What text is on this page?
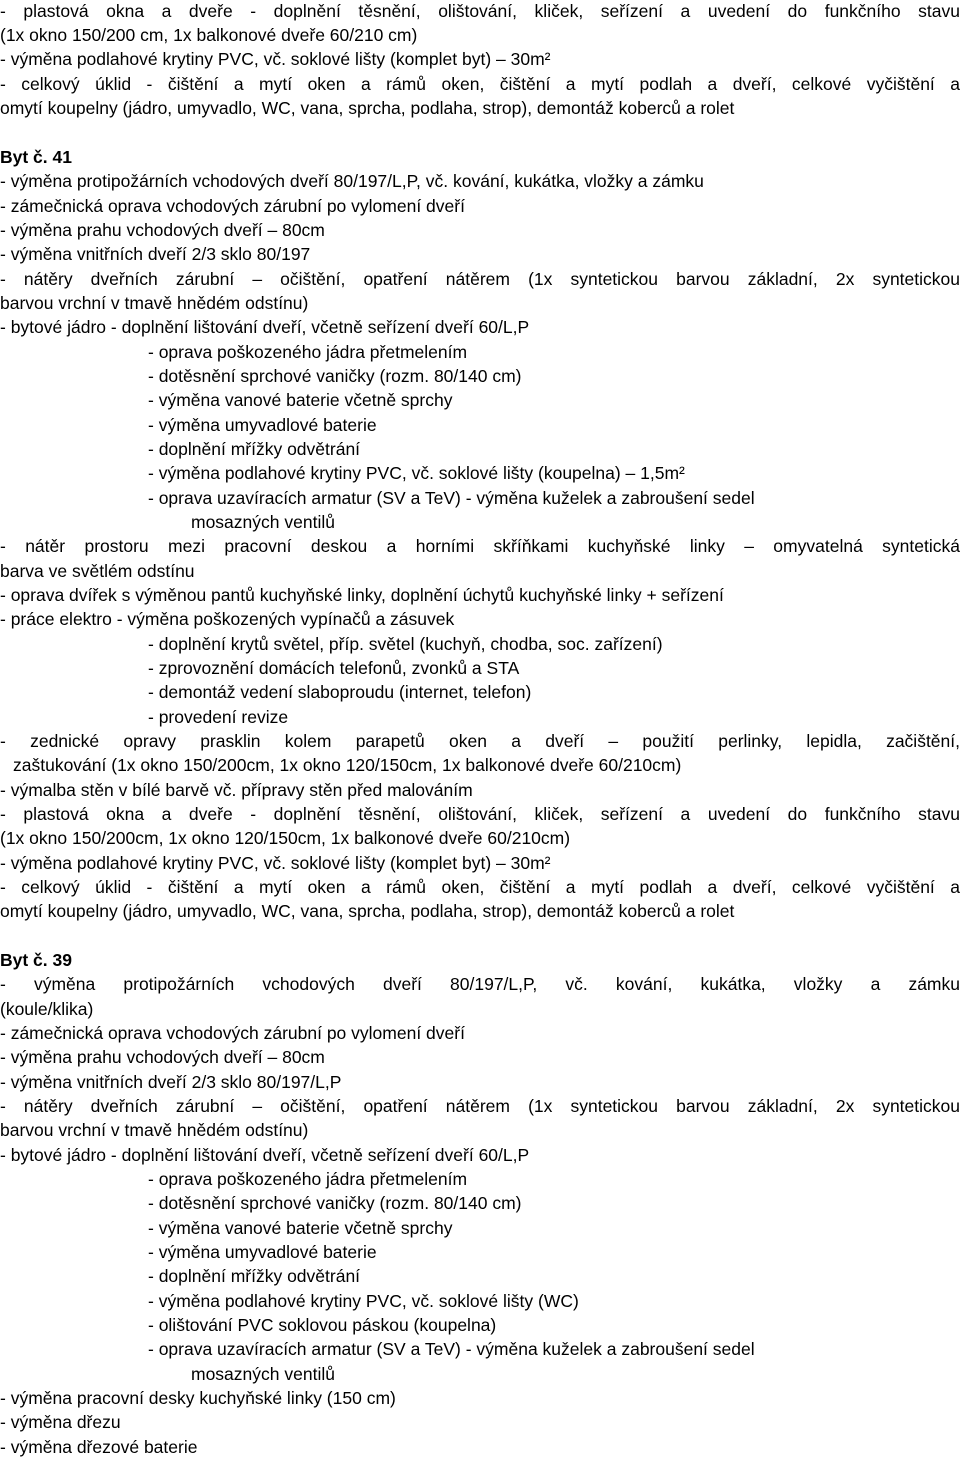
- plastová okna a dveře - doplnění těsnění, olištování, kliček, seřízení a uvedení do funkčního stavu
(1x okno 150/200 cm, 1x balkonové dveře 60/210 cm)
- výměna podlahové krytiny PVC, vč. soklové lišty (komplet byt) – 30m²
- celkový úklid - čištění a mytí oken a rámů oken, čištění a mytí podlah a dveří, celkové vyčištění a
omytí koupelny (jádro, umyvadlo, WC, vana, sprcha, podlaha, strop), demontáž koberců a rolet
Byt č. 41
- výměna protipožárních vchodových dveří 80/197/L,P, vč. kování, kukátka, vložky a zámku
- zámečnická oprava vchodových zárubní po vylomení dveří
- výměna prahu vchodových dveří – 80cm
- výměna vnitřních dveří 2/3 sklo 80/197
- nátěry dveřních zárubní – očištění, opatření nátěrem (1x syntetickou barvou základní, 2x syntetickou
barvou vrchní v tmavě hnědém odstínu)
- bytové jádro - doplnění lištování dveří, včetně seřízení dveří 60/L,P
- oprava poškozeného jádra přetmelením
- dotěsnění sprchové vaničky (rozm. 80/140 cm)
- výměna vanové baterie včetně sprchy
- výměna umyvadlové baterie
- doplnění mřížky odvětrání
- výměna podlahové krytiny PVC, vč. soklové lišty (koupelna) – 1,5m²
- oprava uzavíracích armatur (SV a TeV) - výměna kuželek a zabroušení sedel
mosazných ventilů
- nátěr prostoru mezi pracovní deskou a horními skříňkami kuchyňské linky – omyvatelná syntetická
barva ve světlém odstínu
- oprava dvířek s výměnou pantů kuchyňské linky, doplnění úchytů kuchyňské linky + seřízení
- práce elektro - výměna poškozených vypínačů a zásuvek
- doplnění krytů světel, příp. světel (kuchyň, chodba, soc. zařízení)
- zprovoznění domácích telefonů, zvonků a STA
- demontáž vedení slaboproudu (internet, telefon)
- provedení revize
- zednické opravy prasklin kolem parapetů oken a dveří – použití perlinky, lepidla, začištění,
zaštukování (1x okno 150/200cm, 1x okno 120/150cm, 1x balkonové dveře 60/210cm)
- výmalba stěn v bílé barvě vč. přípravy stěn před malováním
- plastová okna a dveře - doplnění těsnění, olištování, kliček, seřízení a uvedení do funkčního stavu
(1x okno 150/200cm, 1x okno 120/150cm, 1x balkonové dveře 60/210cm)
- výměna podlahové krytiny PVC, vč. soklové lišty (komplet byt) – 30m²
- celkový úklid - čištění a mytí oken a rámů oken, čištění a mytí podlah a dveří, celkové vyčištění a
omytí koupelny (jádro, umyvadlo, WC, vana, sprcha, podlaha, strop), demontáž koberců a rolet
Byt č. 39
- výměna protipožárních vchodových dveří 80/197/L,P, vč. kování, kukátka, vložky a zámku
(koule/klika)
- zámečnická oprava vchodových zárubní po vylomení dveří
- výměna prahu vchodových dveří – 80cm
- výměna vnitřních dveří 2/3 sklo 80/197/L,P
- nátěry dveřních zárubní – očištění, opatření nátěrem (1x syntetickou barvou základní, 2x syntetickou
barvou vrchní v tmavě hnědém odstínu)
- bytové jádro - doplnění lištování dveří, včetně seřízení dveří 60/L,P
- oprava poškozeného jádra přetmelením
- dotěsnění sprchové vaničky (rozm. 80/140 cm)
- výměna vanové baterie včetně sprchy
- výměna umyvadlové baterie
- doplnění mřížky odvětrání
- výměna podlahové krytiny PVC, vč. soklové lišty (WC)
- olištování PVC soklovou páskou (koupelna)
- oprava uzavíracích armatur (SV a TeV) - výměna kuželek a zabroušení sedel
mosazných ventilů
- výměna pracovní desky kuchyňské linky (150 cm)
- výměna dřezu
- výměna dřezové baterie
